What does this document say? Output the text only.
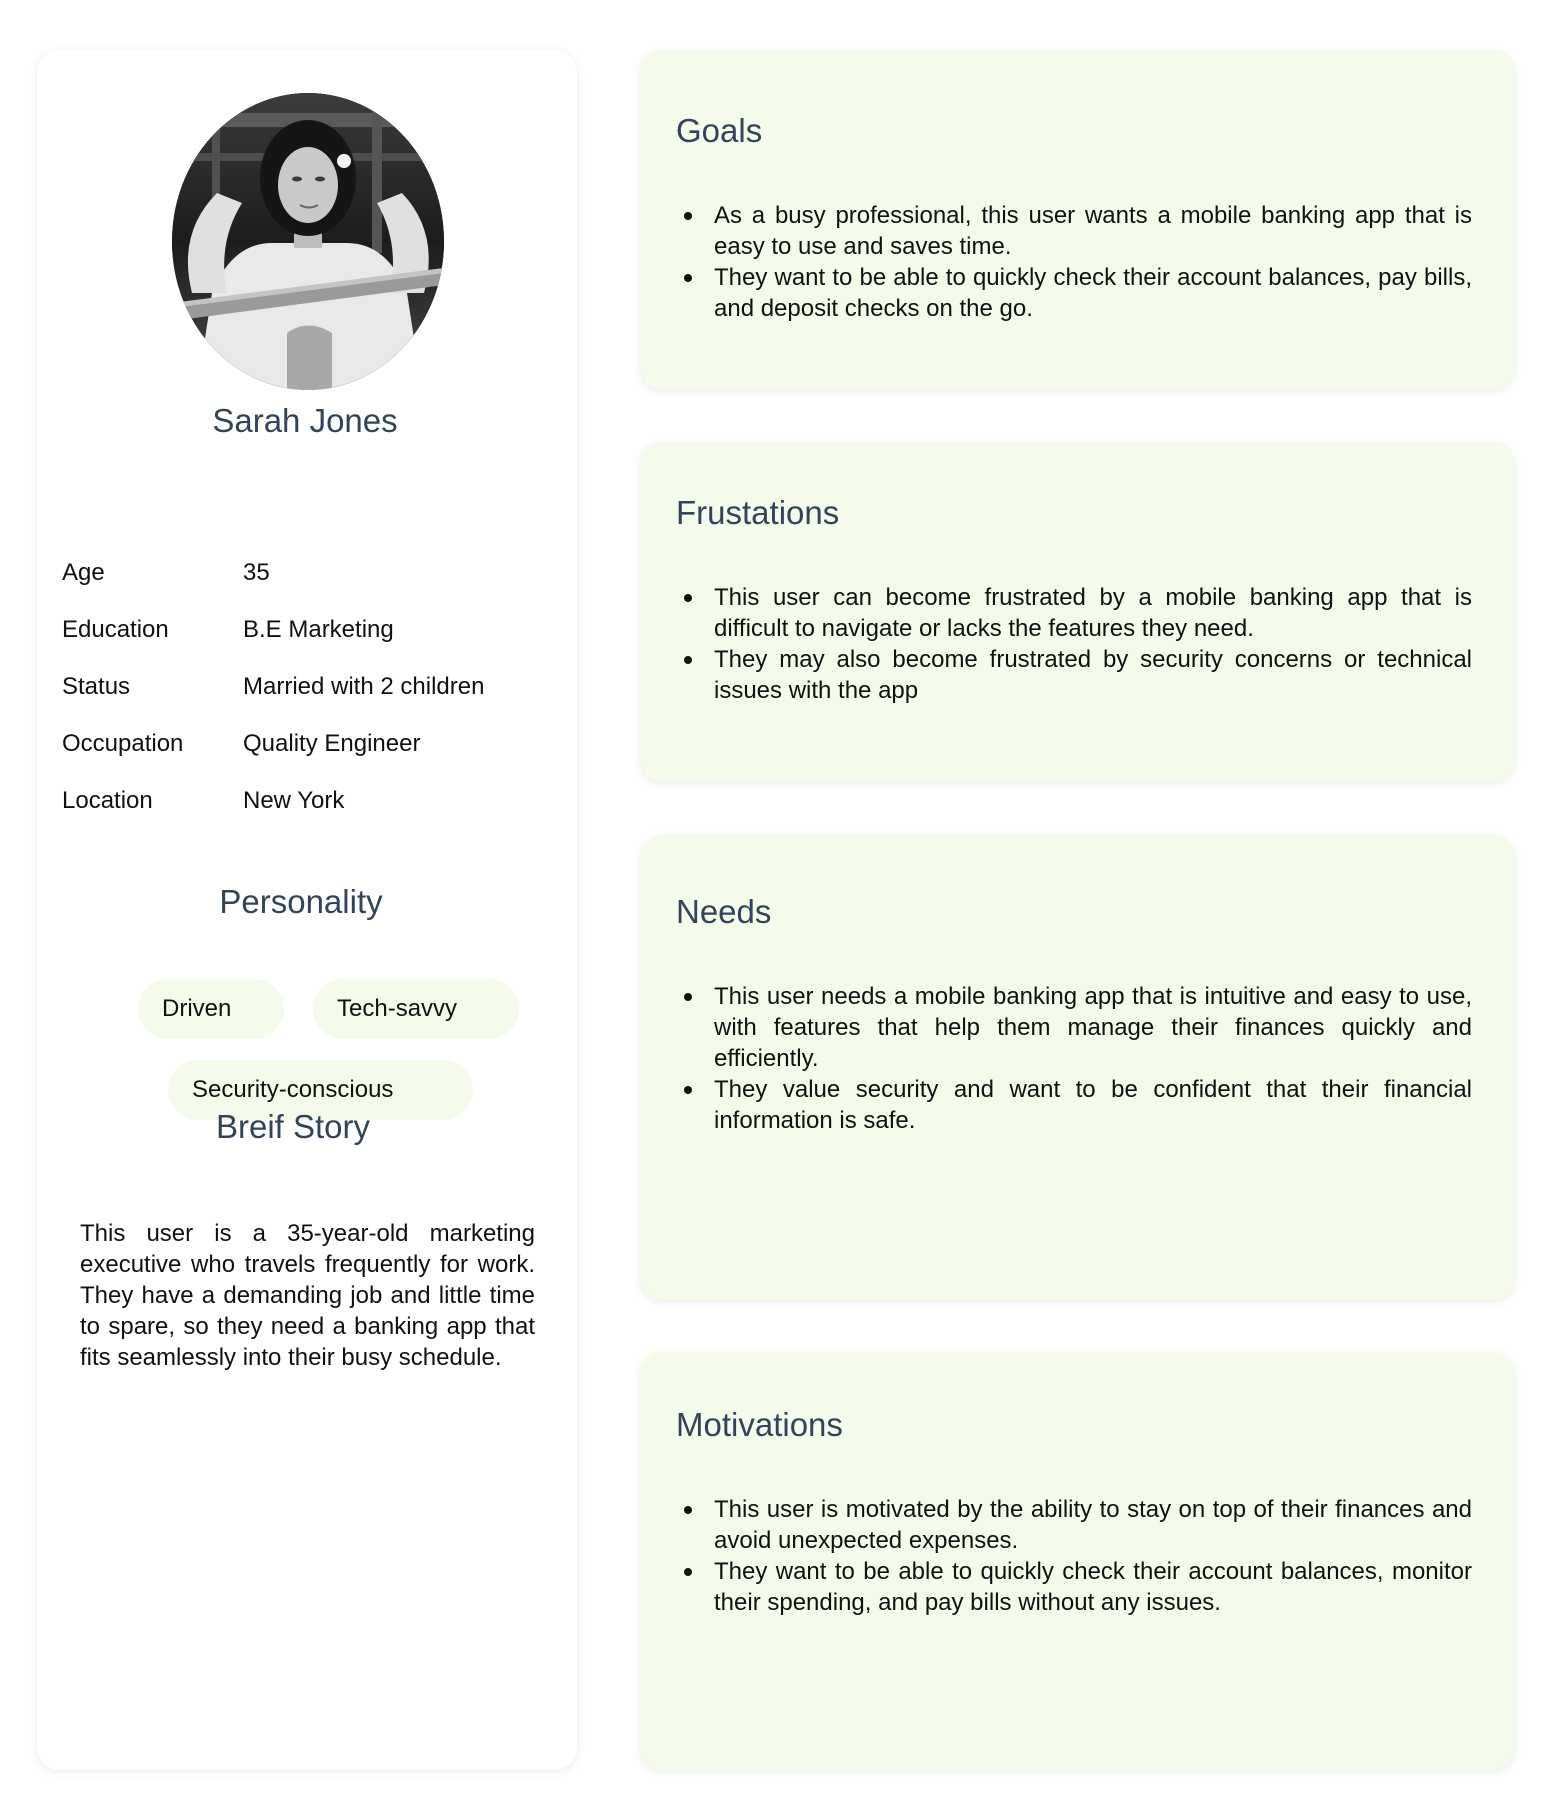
Sarah Jones
Age	35
Education	B.E Marketing
Status	Married with 2 children
Occupation	Quality Engineer
Location	New York
Personality
Driven	Tech-savvy
Security-conscious
Breif Story

This user is a 35-year-old marketing executive who travels frequently for work. They have a demanding job and little time to spare, so they need a banking app that fits seamlessly into their busy schedule.

Goals
As a busy professional, this user wants a mobile banking app that is easy to use and saves time.
They want to be able to quickly check their account balances, pay bills, and deposit checks on the go.
Frustations
This user can become frustrated by a mobile banking app that is difficult to navigate or lacks the features they need.
They may also become frustrated by security concerns or technical issues with the app
Needs
This user needs a mobile banking app that is intuitive and easy to use, with features that help them manage their finances quickly and efficiently.
They value security and want to be confident that their financial information is safe.
Motivations
This user is motivated by the ability to stay on top of their finances and avoid unexpected expenses.
They want to be able to quickly check their account balances, monitor their spending, and pay bills without any issues.
